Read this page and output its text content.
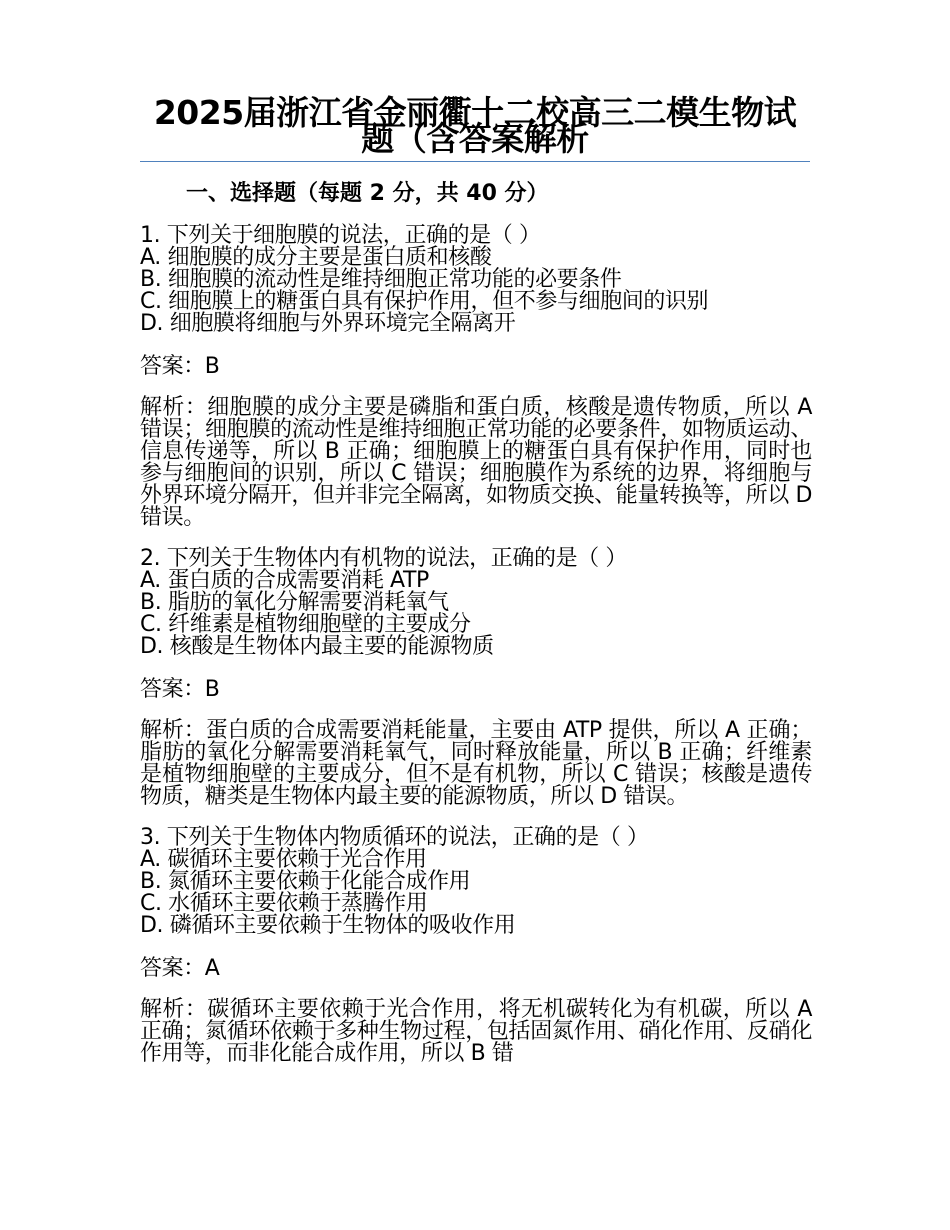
2025届浙江省金丽衢十二校高三二模生物试题（含答案解析
一、选择题（每题 2 分，共 40 分）

1. 下列关于细胞膜的说法，正确的是（ ）

A. 细胞膜的成分主要是蛋白质和核酸

B. 细胞膜的流动性是维持细胞正常功能的必要条件

C. 细胞膜上的糖蛋白具有保护作用，但不参与细胞间的识别

D. 细胞膜将细胞与外界环境完全隔离开

答案：B

解析：细胞膜的成分主要是磷脂和蛋白质，核酸是遗传物质，所以 A 错误；细胞膜的流动性是维持细胞正常功能的必要条件，如物质运动、信息传递等，所以 B 正确；细胞膜上的糖蛋白具有保护作用，同时也参与细胞间的识别，所以 C 错误；细胞膜作为系统的边界，将细胞与外界环境分隔开，但并非完全隔离，如物质交换、能量转换等，所以 D 错误。

2. 下列关于生物体内有机物的说法，正确的是（ ）

A. 蛋白质的合成需要消耗 ATP

B. 脂肪的氧化分解需要消耗氧气

C. 纤维素是植物细胞壁的主要成分

D. 核酸是生物体内最主要的能源物质

答案：B

解析：蛋白质的合成需要消耗能量，主要由 ATP 提供，所以 A 正确；脂肪的氧化分解需要消耗氧气，同时释放能量，所以 B 正确；纤维素是植物细胞壁的主要成分，但不是有机物，所以 C 错误；核酸是遗传物质，糖类是生物体内最主要的能源物质，所以 D 错误。

3. 下列关于生物体内物质循环的说法，正确的是（ ）

A. 碳循环主要依赖于光合作用

B. 氮循环主要依赖于化能合成作用

C. 水循环主要依赖于蒸腾作用

D. 磷循环主要依赖于生物体的吸收作用

答案：A

解析：碳循环主要依赖于光合作用，将无机碳转化为有机碳，所以 A 正确；氮循环依赖于多种生物过程，包括固氮作用、硝化作用、反硝化作用等，而非化能合成作用，所以 B 错
